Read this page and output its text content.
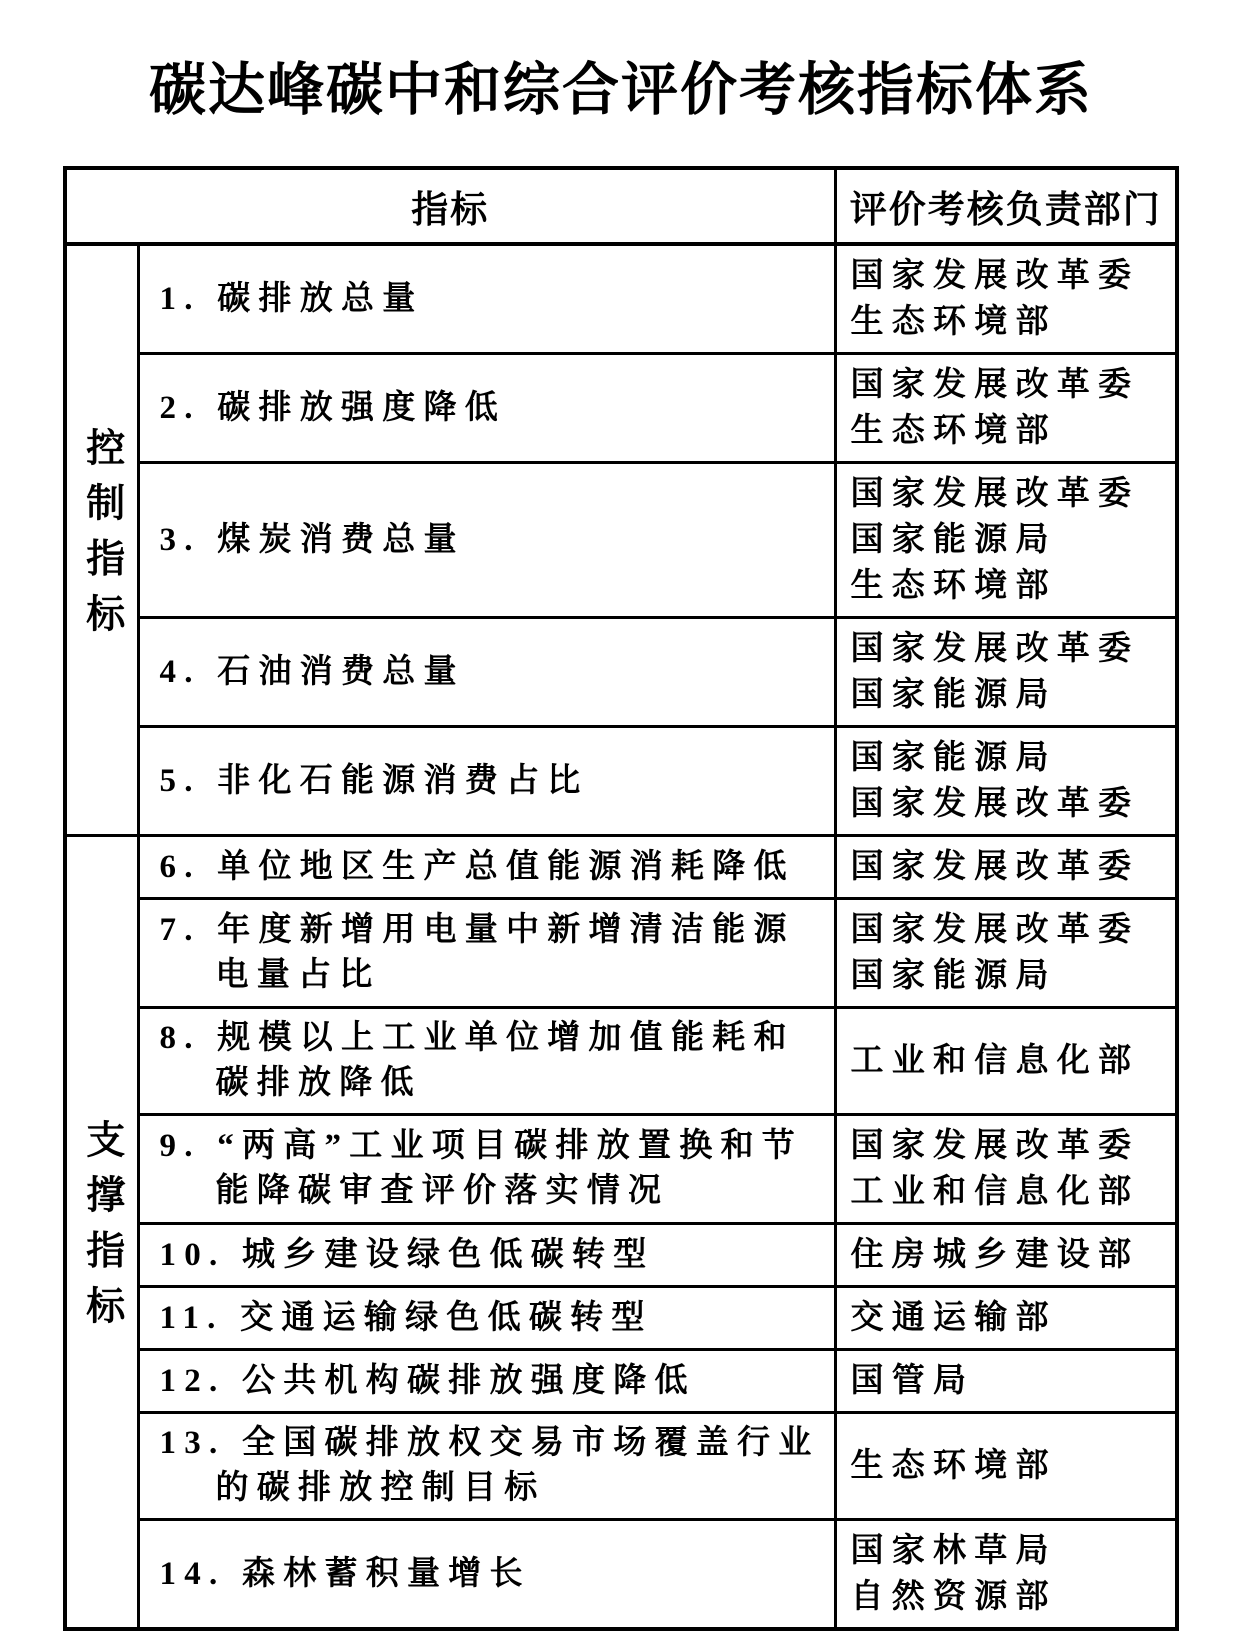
碳达峰碳中和综合评价考核指标体系
指标		评价考核负责部门
控制指标	1. 碳排放总量	国家发展改革委
生态环境部

	2. 碳排放强度降低	国家发展改革委
生态环境部

	3. 煤炭消费总量	国家发展改革委
国家能源局
生态环境部

	4. 石油消费总量	国家发展改革委
国家能源局

	5. 非化石能源消费占比	国家能源局
国家发展改革委

支撑指标	6. 单位地区生产总值能源消耗降低	国家发展改革委

	7. 年度新增用电量中新增清洁能源电量占比	国家发展改革委
国家能源局

	8. 规模以上工业单位增加值能耗和碳排放降低	工业和信息化部

	9. “两高”工业项目碳排放置换和节能降碳审查评价落实情况	国家发展改革委
工业和信息化部

	10. 城乡建设绿色低碳转型	住房城乡建设部

	11. 交通运输绿色低碳转型	交通运输部

	12. 公共机构碳排放强度降低	国管局

	13. 全国碳排放权交易市场覆盖行业的碳排放控制目标	生态环境部

	14. 森林蓄积量增长	国家林草局
自然资源部
